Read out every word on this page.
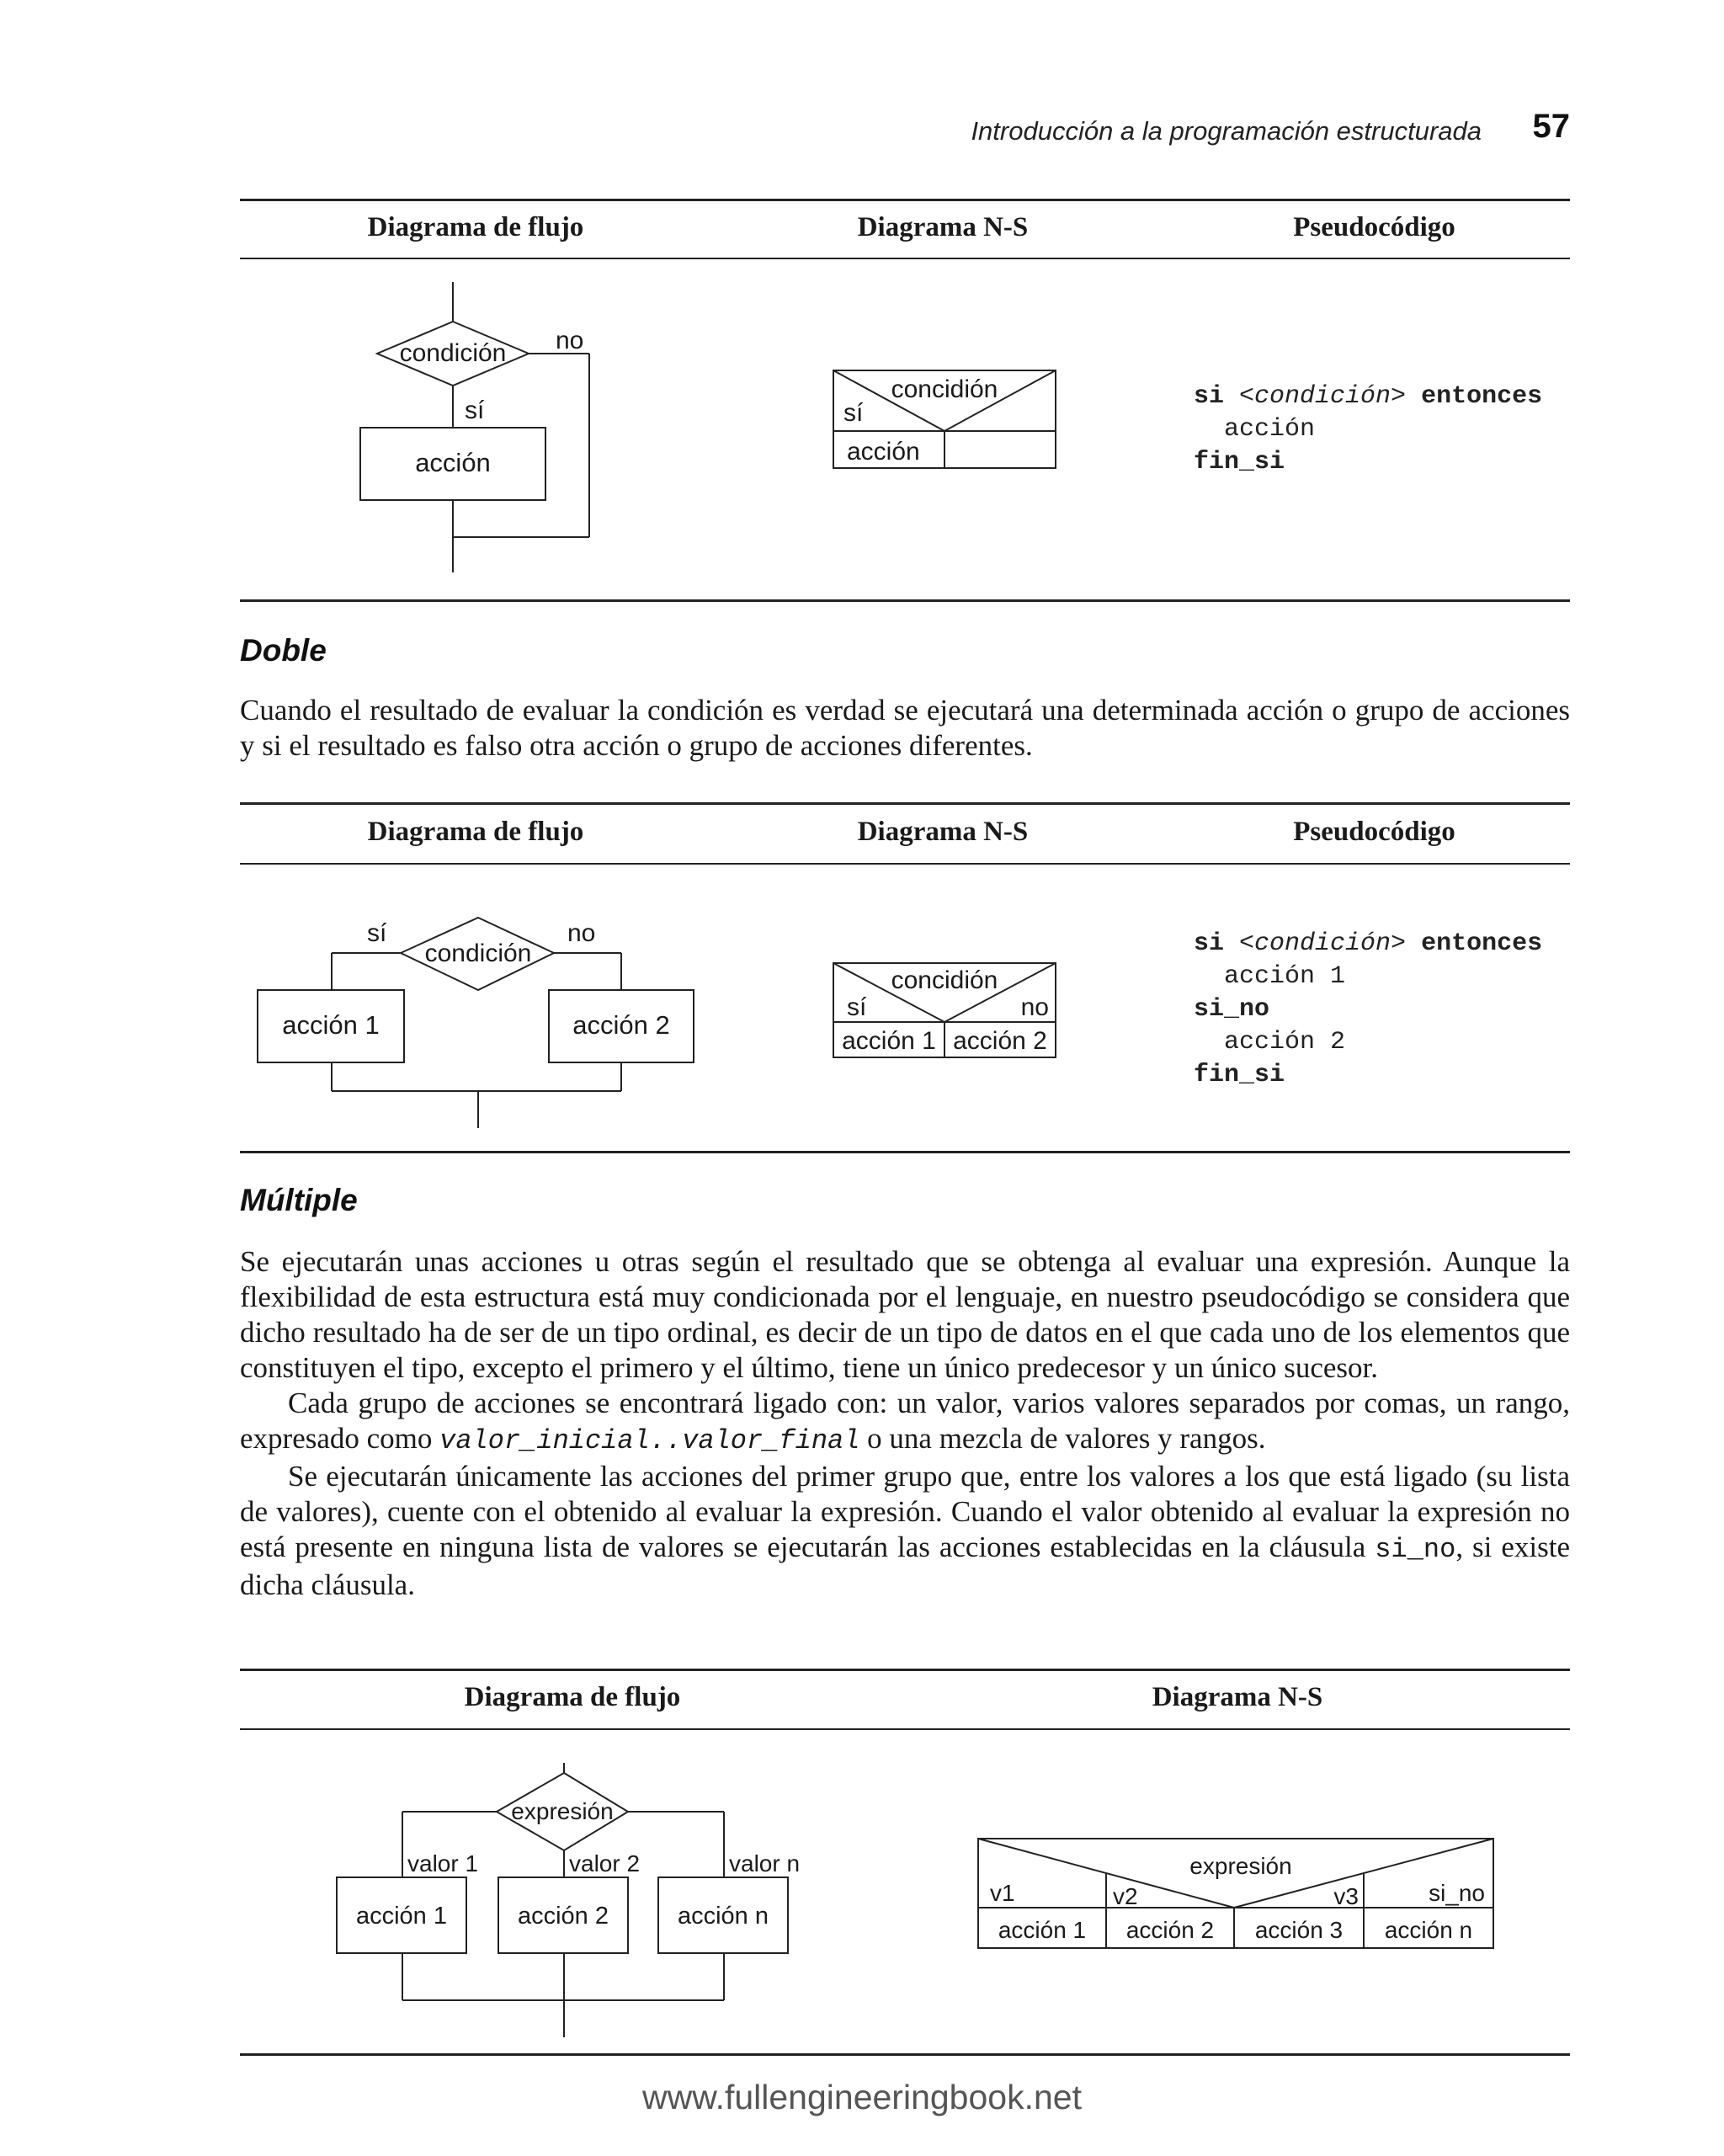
Introducción a la programación estructurada 57
Diagrama de flujo	Diagrama N-S	Pseudocódigo
condición no
sí
acción
concidión
sí
acción
si <condición> entonces
acción
fin_si
Doble

Cuando el resultado de evaluar la condición es verdad se ejecutará una determinada acción o grupo de acciones y si el resultado es falso otra acción o grupo de acciones diferentes.

Diagrama de flujo	Diagrama N-S	Pseudocódigo
condición
sí	no
acción 1	acción 2
concidión
sí	no
acción 1 acción 2
si <condición> entonces
acción 1
si_no
acción 2
fin_si
Múltiple

Se ejecutarán unas acciones u otras según el resultado que se obtenga al evaluar una expresión. Aunque la flexibilidad de esta estructura está muy condicionada por el lenguaje, en nuestro pseudocódigo se considera que dicho resultado ha de ser de un tipo ordinal, es decir de un tipo de datos en el que cada uno de los elementos que constituyen el tipo, excepto el primero y el último, tiene un único predecesor y un único sucesor.

Cada grupo de acciones se encontrará ligado con: un valor, varios valores separados por comas, un rango, expresado como valor_inicial..valor_final o una mezcla de valores y rangos.

Se ejecutarán únicamente las acciones del primer grupo que, entre los valores a los que está ligado (su lista de valores), cuente con el obtenido al evaluar la expresión. Cuando el valor obtenido al evaluar la expresión no está presente en ninguna lista de valores se ejecutarán las acciones establecidas en la cláusula si_no, si existe dicha cláusula.

Diagrama de flujo	Diagrama N-S
expresión
valor 1	valor 2	valor n
acción 1	acción 2	acción n
expresión
v1	v2	v3	si_no
acción 1 acción 2 acción 3 acción n
www.fullengineeringbook.net
